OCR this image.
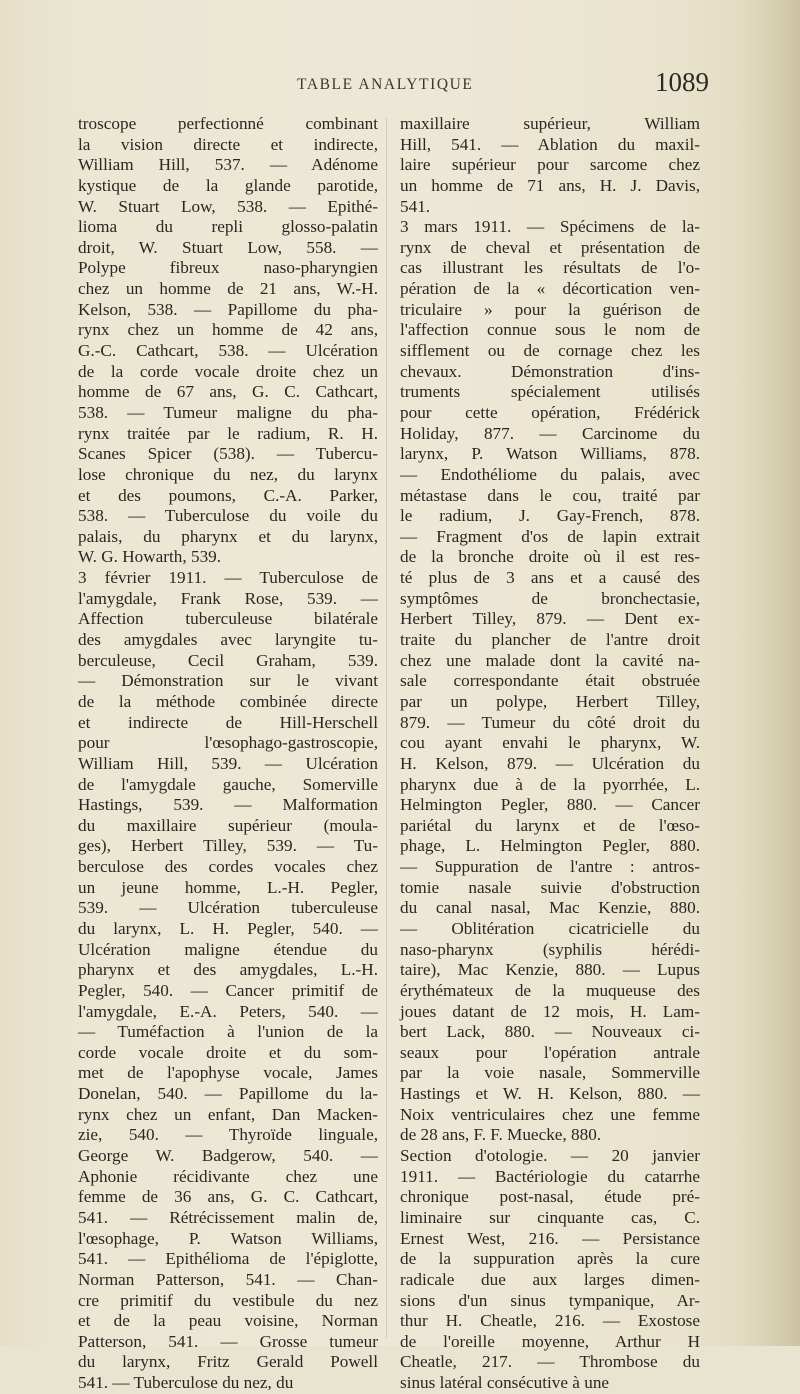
TABLE ANALYTIQUE	1089
troscope perfectionné combinant
la vision directe et indirecte,
William Hill, 537. — Adénome
kystique de la glande parotide,
W. Stuart Low, 538. — Epithé-
lioma du repli glosso-palatin
droit, W. Stuart Low, 558. —
Polype fibreux naso-pharyngien
chez un homme de 21 ans, W.-H.
Kelson, 538. — Papillome du pha-
rynx chez un homme de 42 ans,
G.-C. Cathcart, 538. — Ulcération
de la corde vocale droite chez un
homme de 67 ans, G. C. Cathcart,
538. — Tumeur maligne du pha-
rynx traitée par le radium, R. H.
Scanes Spicer (538). — Tubercu-
lose chronique du nez, du larynx
et des poumons, C.-A. Parker,
538. — Tuberculose du voile du
palais, du pharynx et du larynx,
W. G. Howarth, 539.
3 février 1911. — Tuberculose de
l'amygdale, Frank Rose, 539. —
Affection tuberculeuse bilatérale
des amygdales avec laryngite tu-
berculeuse, Cecil Graham, 539.
— Démonstration sur le vivant
de la méthode combinée directe
et indirecte de Hill-Herschell
pour l'œsophago-gastroscopie,
William Hill, 539. — Ulcération
de l'amygdale gauche, Somerville
Hastings, 539. — Malformation
du maxillaire supérieur (moula-
ges), Herbert Tilley, 539. — Tu-
berculose des cordes vocales chez
un jeune homme, L.-H. Pegler,
539. — Ulcération tuberculeuse
du larynx, L. H. Pegler, 540. —
Ulcération maligne étendue du
pharynx et des amygdales, L.-H.
Pegler, 540. — Cancer primitif de
l'amygdale, E.-A. Peters, 540. —
— Tuméfaction à l'union de la
corde vocale droite et du som-
met de l'apophyse vocale, James
Donelan, 540. — Papillome du la-
rynx chez un enfant, Dan Macken-
zie, 540. — Thyroïde linguale,
George W. Badgerow, 540. —
Aphonie récidivante chez une
femme de 36 ans, G. C. Cathcart,
541. — Rétrécissement malin de,
l'œsophage, P. Watson Williams,
541. — Epithélioma de l'épiglotte,
Norman Patterson, 541. — Chan-
cre primitif du vestibule du nez
et de la peau voisine, Norman
Patterson, 541. — Grosse tumeur
du larynx, Fritz Gerald Powell
541. — Tuberculose du nez, du
maxillaire supérieur, William
Hill, 541. — Ablation du maxil-
laire supérieur pour sarcome chez
un homme de 71 ans, H. J. Davis,
541.
3 mars 1911. — Spécimens de la-
rynx de cheval et présentation de
cas illustrant les résultats de l'o-
pération de la « décortication ven-
triculaire » pour la guérison de
l'affection connue sous le nom de
sifflement ou de cornage chez les
chevaux. Démonstration d'ins-
truments spécialement utilisés
pour cette opération, Frédérick
Holiday, 877. — Carcinome du
larynx, P. Watson Williams, 878.
— Endothéliome du palais, avec
métastase dans le cou, traité par
le radium, J. Gay-French, 878.
— Fragment d'os de lapin extrait
de la bronche droite où il est res-
té plus de 3 ans et a causé des
symptômes de bronchectasie,
Herbert Tilley, 879. — Dent ex-
traite du plancher de l'antre droit
chez une malade dont la cavité na-
sale correspondante était obstruée
par un polype, Herbert Tilley,
879. — Tumeur du côté droit du
cou ayant envahi le pharynx, W.
H. Kelson, 879. — Ulcération du
pharynx due à de la pyorrhée, L.
Helmington Pegler, 880. — Cancer
pariétal du larynx et de l'œso-
phage, L. Helmington Pegler, 880.
— Suppuration de l'antre : antros-
tomie nasale suivie d'obstruction
du canal nasal, Mac Kenzie, 880.
— Oblitération cicatricielle du
naso-pharynx (syphilis hérédi-
taire), Mac Kenzie, 880. — Lupus
érythémateux de la muqueuse des
joues datant de 12 mois, H. Lam-
bert Lack, 880. — Nouveaux ci-
seaux pour l'opération antrale
par la voie nasale, Sommerville
Hastings et W. H. Kelson, 880. —
Noix ventriculaires chez une femme
de 28 ans, F. F. Muecke, 880.
Section d'otologie. — 20 janvier
1911. — Bactériologie du catarrhe
chronique post-nasal, étude pré-
liminaire sur cinquante cas, C.
Ernest West, 216. — Persistance
de la suppuration après la cure
radicale due aux larges dimen-
sions d'un sinus tympanique, Ar-
thur H. Cheatle, 216. — Exostose
de l'oreille moyenne, Arthur H
Cheatle, 217. — Thrombose du
sinus latéral consécutive à une
